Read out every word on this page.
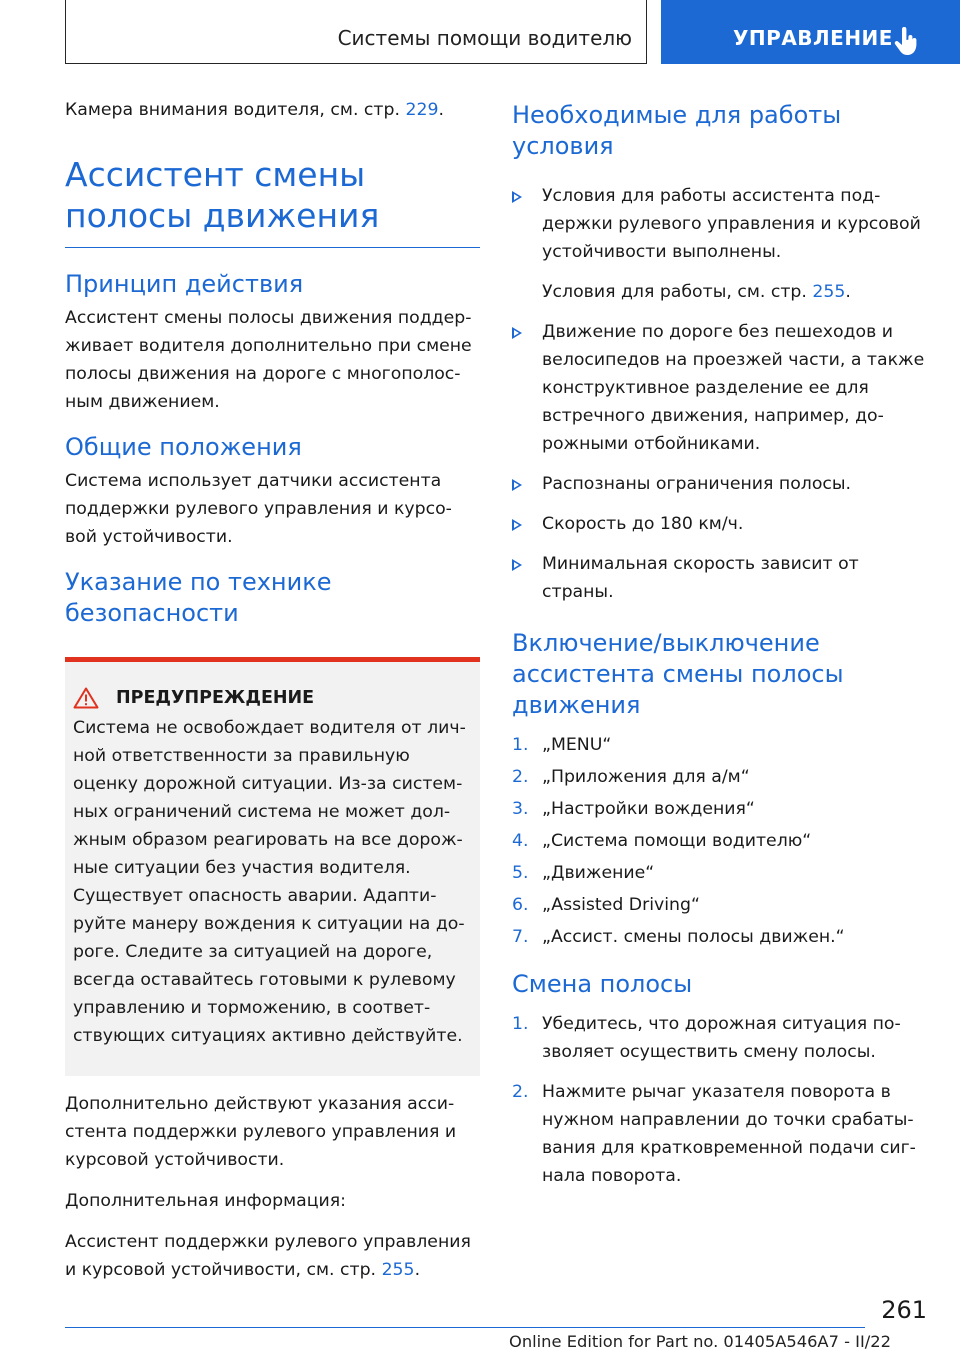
Системы помощи водителю	УПРАВЛЕНИЕ

Камера внимания водителя, см. стр. 229.

Ассистент смены полосы движения
Принцип действия

Ассистент смены полосы движения поддер- живает водителя дополнительно при смене полосы движения на дороге с многополос- ным движением.

Общие положения

Система использует датчики ассистента поддержки рулевого управления и курсо- вой устойчивости.

Указание по технике безопасности
ПРЕДУПРЕЖДЕНИЕ

Система не освобождает водителя от лич- ной ответственности за правильную оценку дорожной ситуации. Из-за систем- ных ограничений система не может дол- жным образом реагировать на все дорож- ные ситуации без участия водителя. Существует опасность аварии. Адапти- руйте манеру вождения к ситуации на до- роге. Следите за ситуацией на дороге, всегда оставайтесь готовыми к рулевому управлению и торможению, в соответ- ствующих ситуациях активно действуйте.

Дополнительно действуют указания асси- стента поддержки рулевого управления и курсовой устойчивости.

Дополнительная информация:

Ассистент поддержки рулевого управления и курсовой устойчивости, см. стр. 255.

Необходимые для работы условия

Условия для работы ассистента под- держки рулевого управления и курсовой устойчивости выполнены.

Условия для работы, см. стр. 255.

Движение по дороге без пешеходов и велосипедов на проезжей части, а также конструктивное разделение ее для встречного движения, например, до- рожными отбойниками.

Распознаны ограничения полосы.

Скорость до 180 км/ч.

Минимальная скорость зависит от страны.

Включение/выключение ассистента смены полосы движения
1. „MENU“

2. „Приложения для а/м“

3. „Настройки вождения“

4. „Система помощи водителю“

5. „Движение“

6. „Assisted Driving“

7. „Ассист. смены полосы движен.“

Смена полосы
1. Убедитесь, что дорожная ситуация по- зволяет осуществить смену полосы.

2. Нажмите рычаг указателя поворота в нужном направлении до точки срабаты- вания для кратковременной подачи сиг- нала поворота.

261
Online Edition for Part no. 01405A546A7 - II/22
